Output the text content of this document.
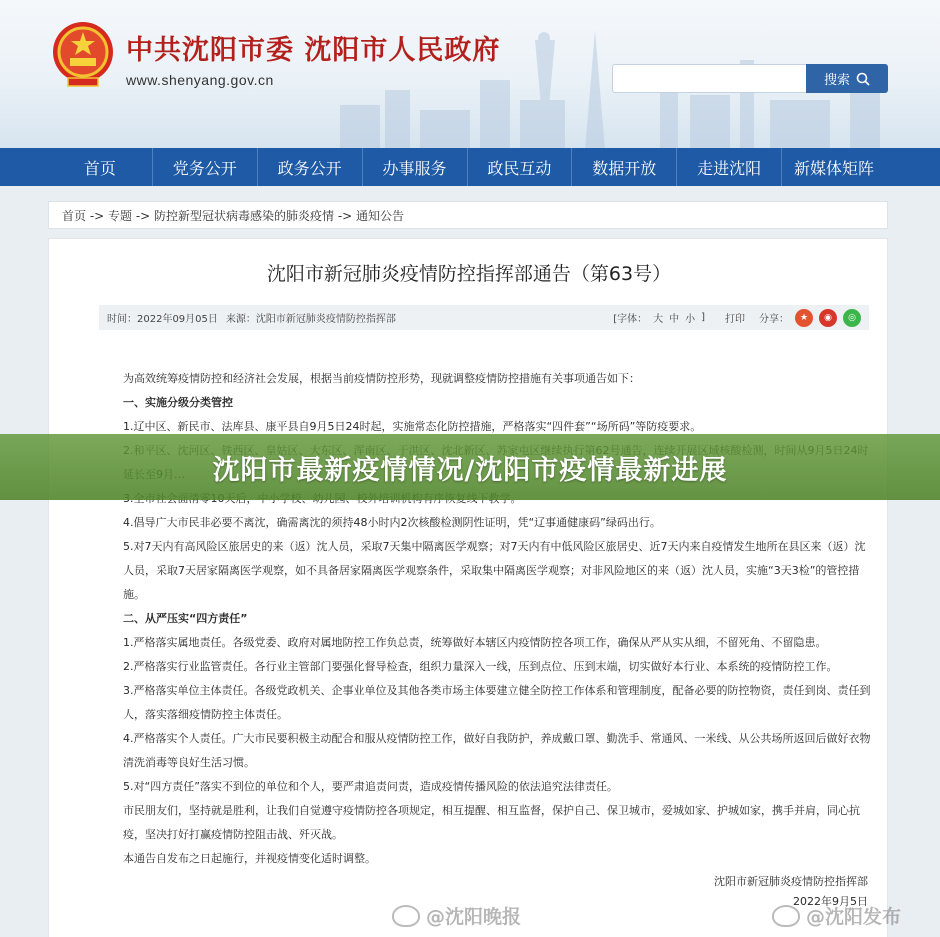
中共沈阳市委 沈阳市人民政府
www.shenyang.gov.cn	搜索
首页	党务公开	政务公开	办事服务	政民互动	数据开放	走进沈阳	新媒体矩阵
首页 -> 专题 -> 防控新型冠状病毒感染的肺炎疫情 -> 通知公告
沈阳市新冠肺炎疫情防控指挥部通告（第63号）
时间：2022年09月05日 来源：沈阳市新冠肺炎疫情防控指挥部	[字体： 大 中 小 ] 打印 分享：	★	◉	◎

为高效统筹疫情防控和经济社会发展，根据当前疫情防控形势，现就调整疫情防控措施有关事项通告如下：

一、实施分级分类管控

1.辽中区、新民市、法库县、康平县自9月5日24时起，实施常态化防控措施，严格落实“四件套”“场所码”等防疫要求。

4.倡导广大市民非必要不离沈，确需离沈的须持48小时内2次核酸检测阴性证明，凭“辽事通健康码”绿码出行。

5.对7天内有高风险区旅居史的来（返）沈人员，采取7天集中隔离医学观察；对7天内有中低风险区旅居史、近7天内来自疫情发生地所在县区来（返）沈人员，采取7天居家隔离医学观察，如不具备居家隔离医学观察条件，采取集中隔离医学观察；对非风险地区的来（返）沈人员，实施“3天3检”的管控措施。

二、从严压实“四方责任”

1.严格落实属地责任。各级党委、政府对属地防控工作负总责，统筹做好本辖区内疫情防控各项工作，确保从严从实从细，不留死角、不留隐患。

2.严格落实行业监管责任。各行业主管部门要强化督导检查，组织力量深入一线，压到点位、压到末端，切实做好本行业、本系统的疫情防控工作。

3.严格落实单位主体责任。各级党政机关、企事业单位及其他各类市场主体要建立健全防控工作体系和管理制度，配备必要的防控物资，责任到岗、责任到人，落实落细疫情防控主体责任。

4.严格落实个人责任。广大市民要积极主动配合和服从疫情防控工作，做好自我防护，养成戴口罩、勤洗手、常通风、一米线、从公共场所返回后做好衣物清洗消毒等良好生活习惯。

5.对“四方责任”落实不到位的单位和个人，要严肃追责问责，造成疫情传播风险的依法追究法律责任。

市民朋友们，坚持就是胜利，让我们自觉遵守疫情防控各项规定，相互提醒、相互监督，保护自己、保卫城市，爱城如家、护城如家，携手并肩，同心抗疫，坚决打好打赢疫情防控阻击战、歼灭战。

本通告自发布之日起施行，并视疫情变化适时调整。

沈阳市新冠肺炎疫情防控指挥部
2022年9月5日
沈阳市最新疫情情况/沈阳市疫情最新进展
@沈阳晚报	@沈阳发布
